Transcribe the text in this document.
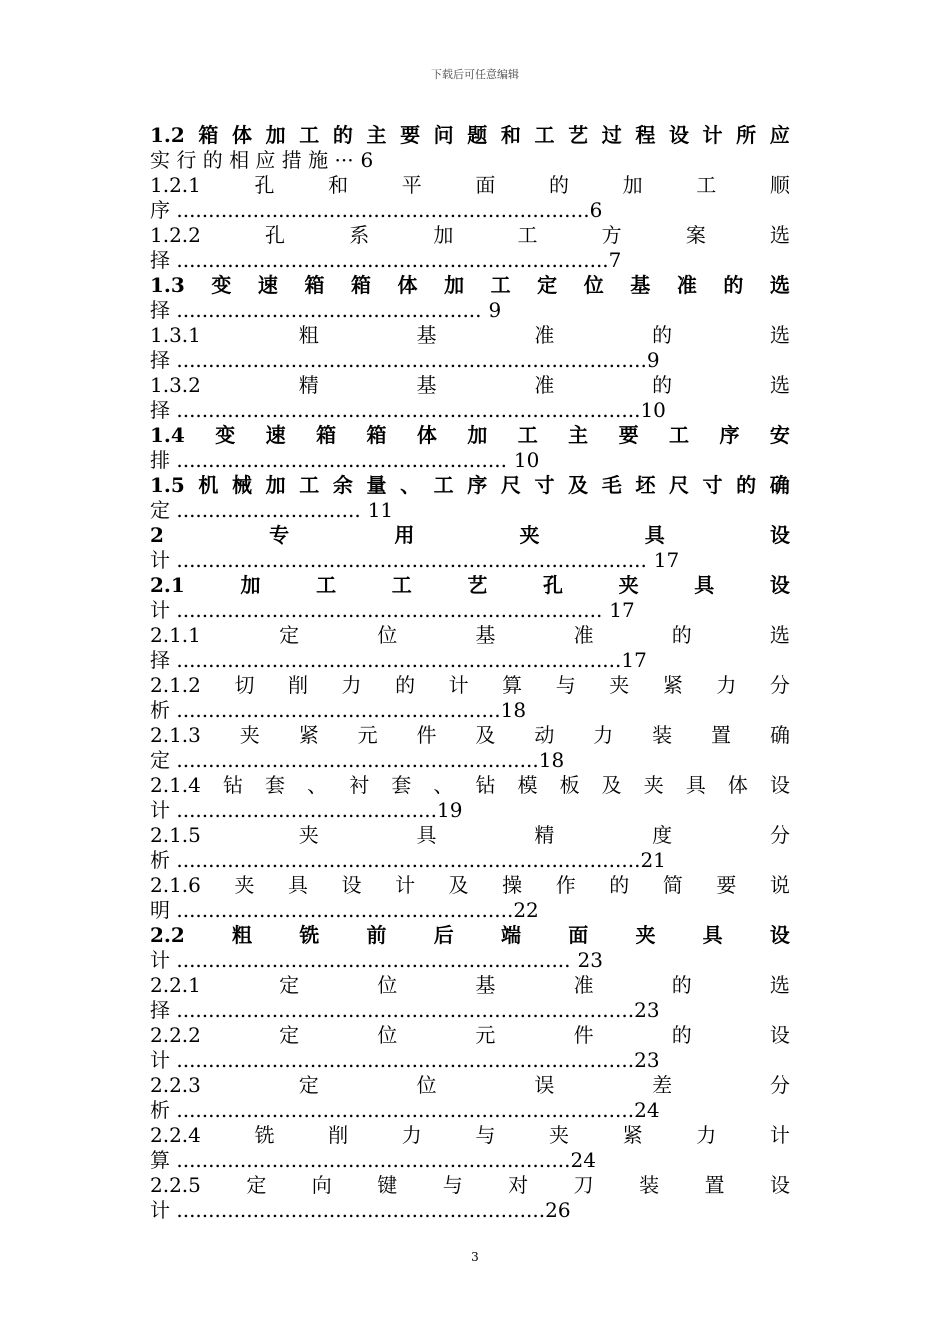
下载后可任意编辑
1.2 箱 体 加 工 的 主 要 问 题 和 工 艺 过 程 设 计 所 应
实 行 的 相 应 措 施 ··· 6
1.2.1	孔	和	平	面	的	加	工	顺
序 .................................................................6
1.2.2	孔	系	加	工	方	案	选
择 ....................................................................7
1.3 变 速 箱 箱 体 加 工 定 位 基 准 的 选
择 ................................................ 9
1.3.1	粗	基	准	的	选
择 ..........................................................................9
1.3.2	精	基	准	的	选
择 .........................................................................10
1.4 变 速 箱 箱 体 加 工 主 要 工 序 安
排 .................................................... 10
1.5 机 械 加 工 余 量 、 工 序 尺 寸 及 毛 坯 尺 寸 的 确
定 ............................. 11
2	专	用	夹	具	设
计 .......................................................................... 17
2.1	加	工	工	艺	孔	夹	具	设
计 ................................................................... 17
2.1.1	定	位	基	准	的	选
择 ......................................................................17
2.1.2 切 削 力 的 计 算 与 夹 紧 力 分
析 ...................................................18
2.1.3 夹 紧 元 件 及 动 力 装 置 确
定 .........................................................18
2.1.4 钻 套 、 衬 套 、 钻 模 板 及 夹 具 体 设
计 .........................................19
2.1.5	夹	具	精	度	分
析 .........................................................................21
2.1.6 夹 具 设 计 及 操 作 的 简 要 说
明 .....................................................22
2.2 粗 铣 前 后 端 面 夹 具 设
计 .............................................................. 23
2.2.1	定	位	基	准	的	选
择 ........................................................................23
2.2.2	定	位	元	件	的	设
计 ........................................................................23
2.2.3	定	位	误	差	分
析 ........................................................................24
2.2.4	铣	削	力	与	夹	紧	力	计
算 ..............................................................24
2.2.5 定 向 键 与 对 刀 装 置 设
计 ..........................................................26
3
